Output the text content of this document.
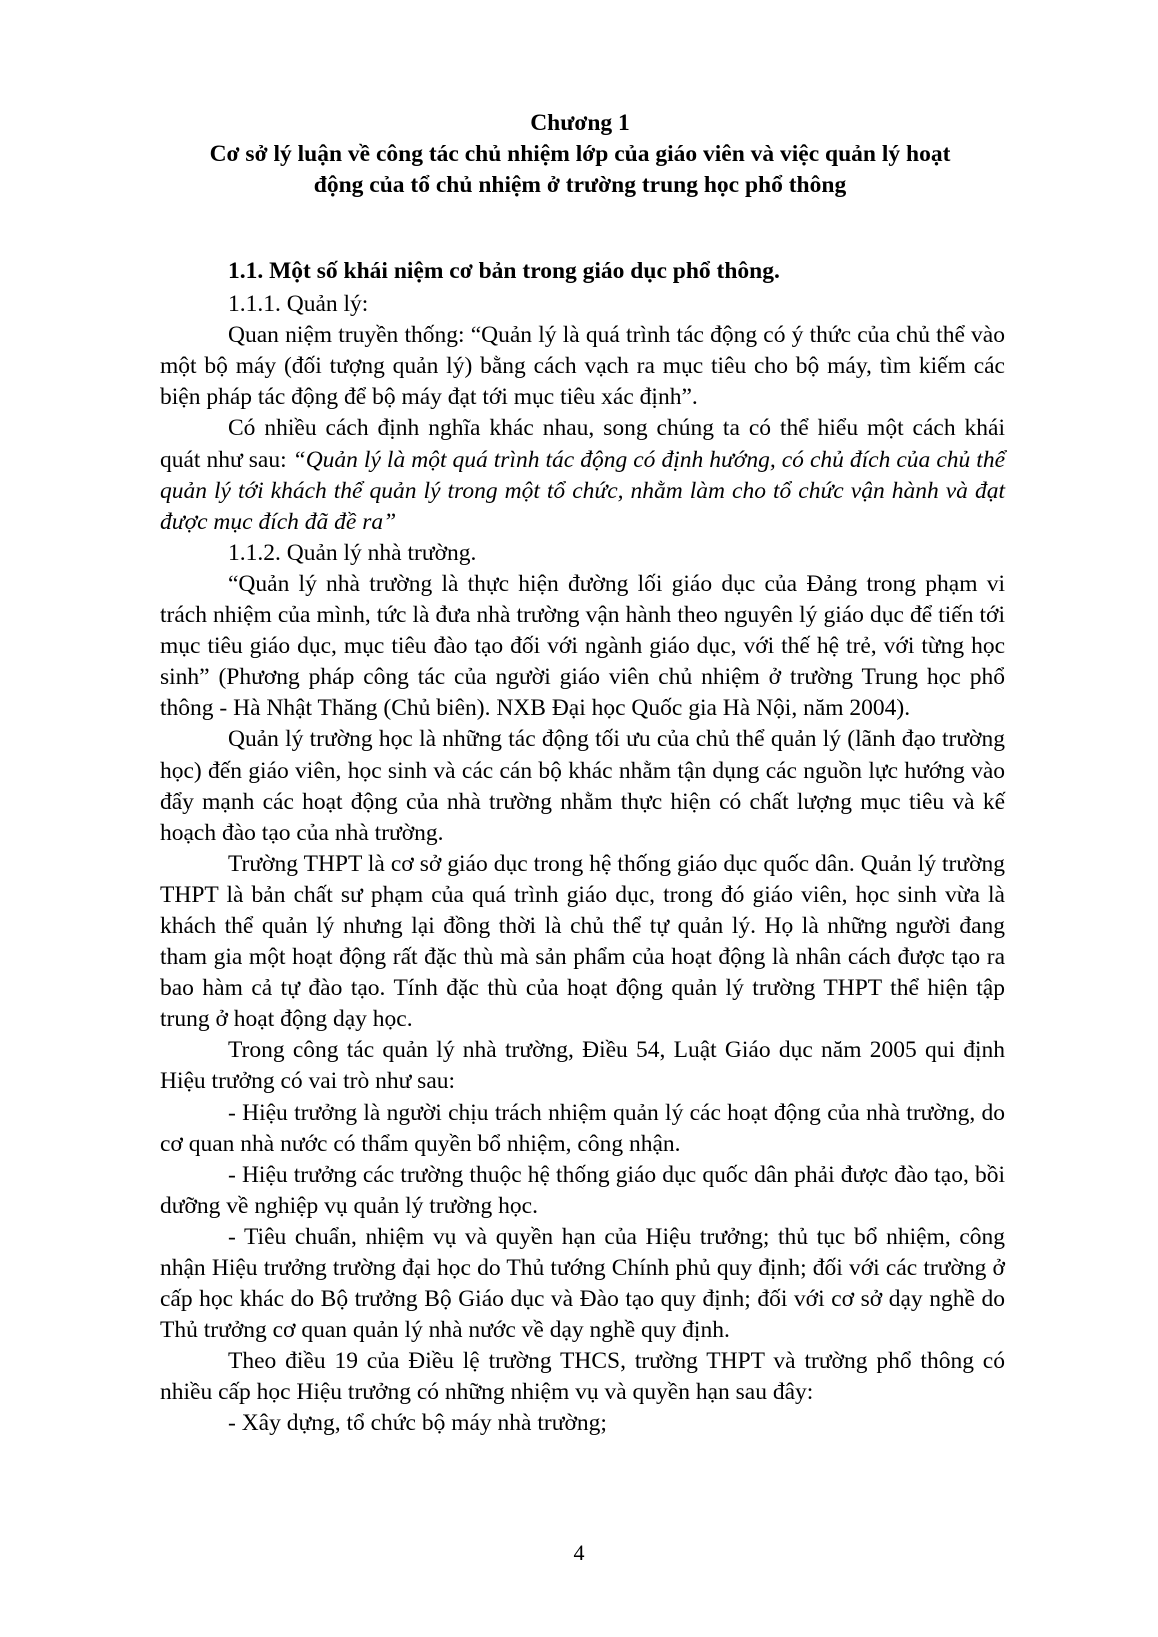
Chương 1
Cơ sở lý luận về công tác chủ nhiệm lớp của giáo viên và việc quản lý hoạt
động của tổ chủ nhiệm ở trường trung học phổ thông

1.1. Một số khái niệm cơ bản trong giáo dục phổ thông.

1.1.1. Quản lý:

Quan niệm truyền thống: “Quản lý là quá trình tác động có ý thức của chủ thể vào một bộ máy (đối tượng quản lý) bằng cách vạch ra mục tiêu cho bộ máy, tìm kiếm các biện pháp tác động để bộ máy đạt tới mục tiêu xác định”.

Có nhiều cách định nghĩa khác nhau, song chúng ta có thể hiểu một cách khái quát như sau: “Quản lý là một quá trình tác động có định hướng, có chủ đích của chủ thể quản lý tới khách thể quản lý trong một tổ chức, nhằm làm cho tổ chức vận hành và đạt được mục đích đã đề ra”

1.1.2. Quản lý nhà trường.

“Quản lý nhà trường là thực hiện đường lối giáo dục của Đảng trong phạm vi trách nhiệm của mình, tức là đưa nhà trường vận hành theo nguyên lý giáo dục để tiến tới mục tiêu giáo dục, mục tiêu đào tạo đối với ngành giáo dục, với thế hệ trẻ, với từng học sinh” (Phương pháp công tác của người giáo viên chủ nhiệm ở trường Trung học phổ thông - Hà Nhật Thăng (Chủ biên). NXB Đại học Quốc gia Hà Nội, năm 2004).

Quản lý trường học là những tác động tối ưu của chủ thể quản lý (lãnh đạo trường học) đến giáo viên, học sinh và các cán bộ khác nhằm tận dụng các nguồn lực hướng vào đẩy mạnh các hoạt động của nhà trường nhằm thực hiện có chất lượng mục tiêu và kế hoạch đào tạo của nhà trường.

Trường THPT là cơ sở giáo dục trong hệ thống giáo dục quốc dân. Quản lý trường THPT là bản chất sư phạm của quá trình giáo dục, trong đó giáo viên, học sinh vừa là khách thể quản lý nhưng lại đồng thời là chủ thể tự quản lý. Họ là những người đang tham gia một hoạt động rất đặc thù mà sản phẩm của hoạt động là nhân cách được tạo ra bao hàm cả tự đào tạo. Tính đặc thù của hoạt động quản lý trường THPT thể hiện tập trung ở hoạt động dạy học.

Trong công tác quản lý nhà trường, Điều 54, Luật Giáo dục năm 2005 qui định Hiệu trưởng có vai trò như sau:

- Hiệu trưởng là người chịu trách nhiệm quản lý các hoạt động của nhà trường, do cơ quan nhà nước có thẩm quyền bổ nhiệm, công nhận.

- Hiệu trưởng các trường thuộc hệ thống giáo dục quốc dân phải được đào tạo, bồi dưỡng về nghiệp vụ quản lý trường học.

- Tiêu chuẩn, nhiệm vụ và quyền hạn của Hiệu trưởng; thủ tục bổ nhiệm, công nhận Hiệu trưởng trường đại học do Thủ tướng Chính phủ quy định; đối với các trường ở cấp học khác do Bộ trưởng Bộ Giáo dục và Đào tạo quy định; đối với cơ sở dạy nghề do Thủ trưởng cơ quan quản lý nhà nước về dạy nghề quy định.

Theo điều 19 của Điều lệ trường THCS, trường THPT và trường phổ thông có nhiều cấp học Hiệu trưởng có những nhiệm vụ và quyền hạn sau đây:

- Xây dựng, tổ chức bộ máy nhà trường;

4
